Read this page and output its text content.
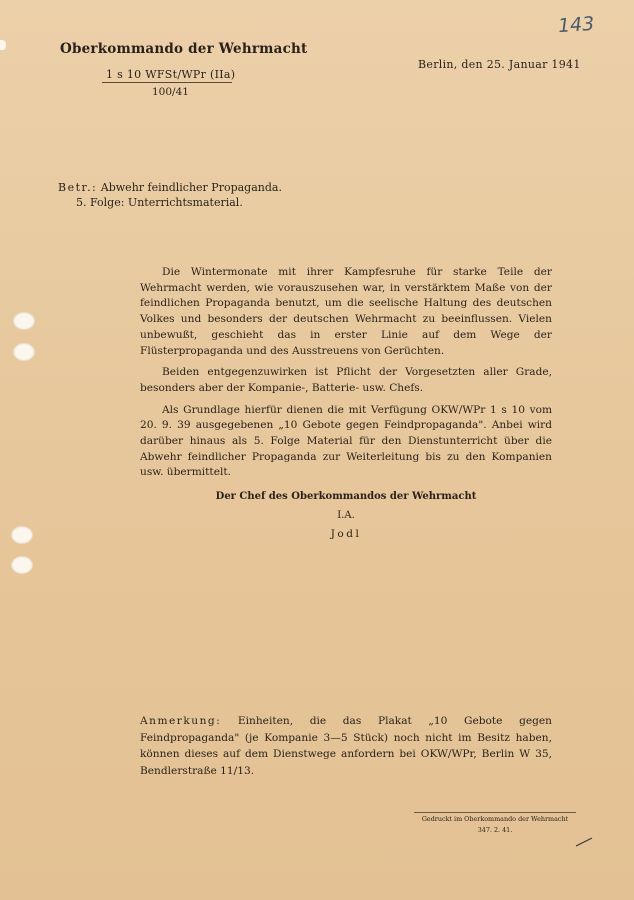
Oberkommando der Wehrmacht
1 s 10 WFSt/WPr (IIa)
100/41
Berlin, den 25. Januar 1941
143
Betr.: Abwehr feindlicher Propaganda.
5. Folge: Unterrichtsmaterial.

Die Wintermonate mit ihrer Kampfesruhe für starke Teile der Wehrmacht werden, wie vorauszusehen war, in verstärktem Maße von der feindlichen Propaganda benutzt, um die seelische Haltung des deutschen Volkes und besonders der deutschen Wehrmacht zu beeinflussen. Vielen unbewußt, geschieht das in erster Linie auf dem Wege der Flüsterpropaganda und des Ausstreuens von Gerüchten.

Beiden entgegenzuwirken ist Pflicht der Vorgesetzten aller Grade, besonders aber der Kompanie-, Batterie- usw. Chefs.

Als Grundlage hierfür dienen die mit Verfügung OKW/WPr 1 s 10 vom 20. 9. 39 ausgegebenen „10 Gebote gegen Feindpropaganda". Anbei wird darüber hinaus als 5. Folge Material für den Dienstunterricht über die Abwehr feindlicher Propaganda zur Weiterleitung bis zu den Kompanien usw. übermittelt.

Der Chef des Oberkommandos der Wehrmacht
I.A.
Jodl
Anmerkung: Einheiten, die das Plakat „10 Gebote gegen Feindpropaganda" (je Kompanie 3—5 Stück) noch nicht im Besitz haben, können dieses auf dem Dienstwege anfordern bei OKW/WPr, Berlin W 35, Bendlerstraße 11/13.
Gedruckt im Oberkommando der Wehrmacht
347. 2. 41.
